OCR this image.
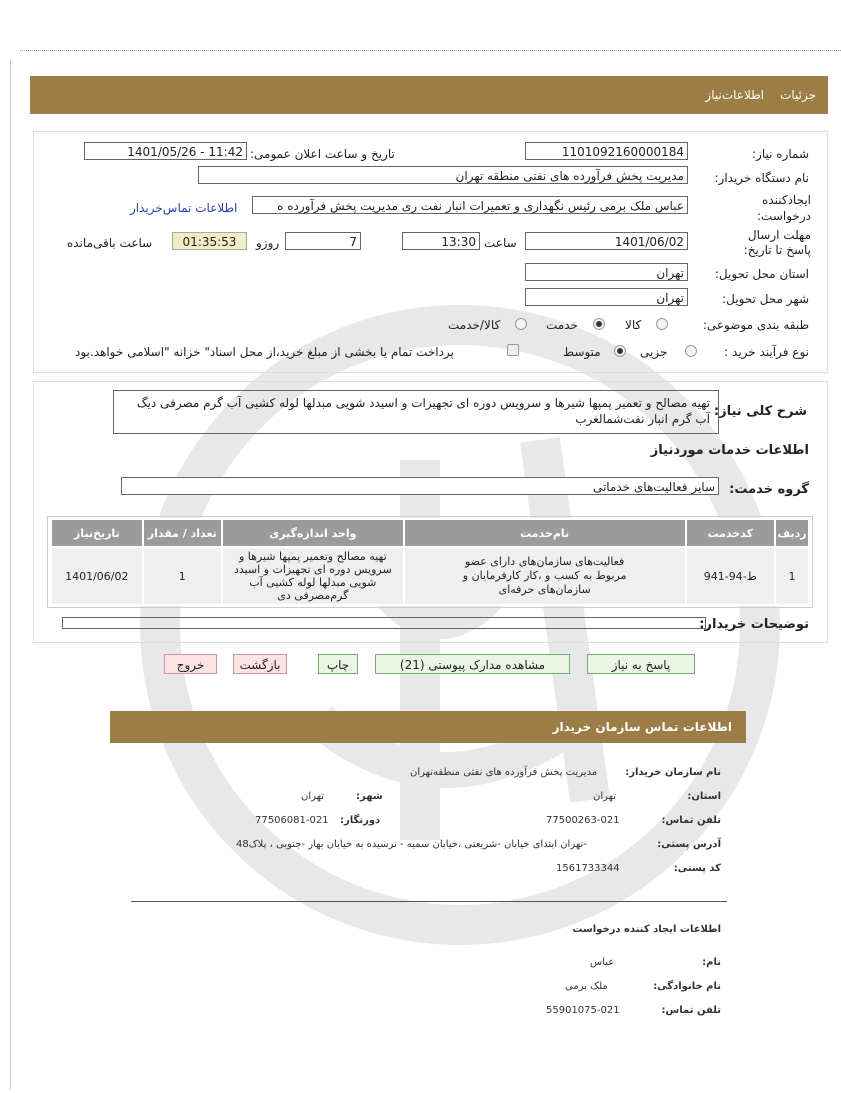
جزئیات
اطلاعات‌نیاز
شماره نیاز:
1101092160000184
تاریخ و ساعت اعلان عمومی:
1401/05/26 - 11:42
نام دستگاه خریدار:
مدیریت پخش فرآورده های نفتی منطقه تهران
ایجادکننده درخواست:
عباس ملک برمی رئیس نگهداری و تعمیرات انبار نفت ری مدیریت پخش فرآورده ه
اطلاعات تماس‌خریدار
مهلت ارسال پاسخ تا تاریخ:
1401/06/02
ساعت
13:30
7
روزو
01:35:53
ساعت باقی‌مانده
استان محل تحویل:
تهران
شهر محل تحویل:
تهران
طبقه بندی موضوعی:
کالا
خدمت
کالا/خدمت
نوع فرآیند خرید :
جزیی
متوسط
پرداخت تمام یا بخشی از مبلغ خرید،از محل اسناد" خزانه "اسلامی خواهد.بود
شرح کلی نیاز:
تهیه مصالح و تعمیر پمپها شیرها و سرویس دوره ای تجهیزات و اسیدد شویی مبدلها لوله کشیی آب گرم مصرفی دیگ آب گرم انبار نفت‌شمالغرب
اطلاعات خدمات موردنیاز
گروه خدمت:
سایر فعالیت‌های خدماتی
ردیف	کدخدمت	نام‌خدمت	واحد اندازه‌گیری	تعداد / مقدار	تاریخ‌نیاز
1	ط-94-941	فعالیت‌های سازمان‌های دارای عضو مربوط به کسب و ،کار کارفرمایان و سازمان‌های حرفه‌ای	تهیه مصالح وتعمیر پمپها شیرها و سرویس دوره ای تجهیزات و اسیدد شویی مبدلها لوله کشیی آب گرم‌مصرفی دی	1	1401/06/02
توضیحات خریدار:
پاسخ به نیاز
مشاهده مدارک پیوستی (21)
چاپ
بازگشت
خروج
اطلاعات تماس سازمان خریدار
نام سازمان خریدار:
مدیریت پخش فرآورده های نفتی منطقه‌تهران
استان:
تهران
شهر:
تهران
تلفن تماس:
77500263-021
دورنگار:
77506081-021
آدرس پستی:
-تهران ابتدای خیابان -شریعتی ،خیابان سمیه - نرسیده به خیابان بهار -جنوبی ، پلاک48
کد پستی:
1561733344
اطلاعات ایجاد کننده درخواست
نام:
عباس
نام خانوادگی:
ملک برمی
تلفن تماس:
55901075-021
